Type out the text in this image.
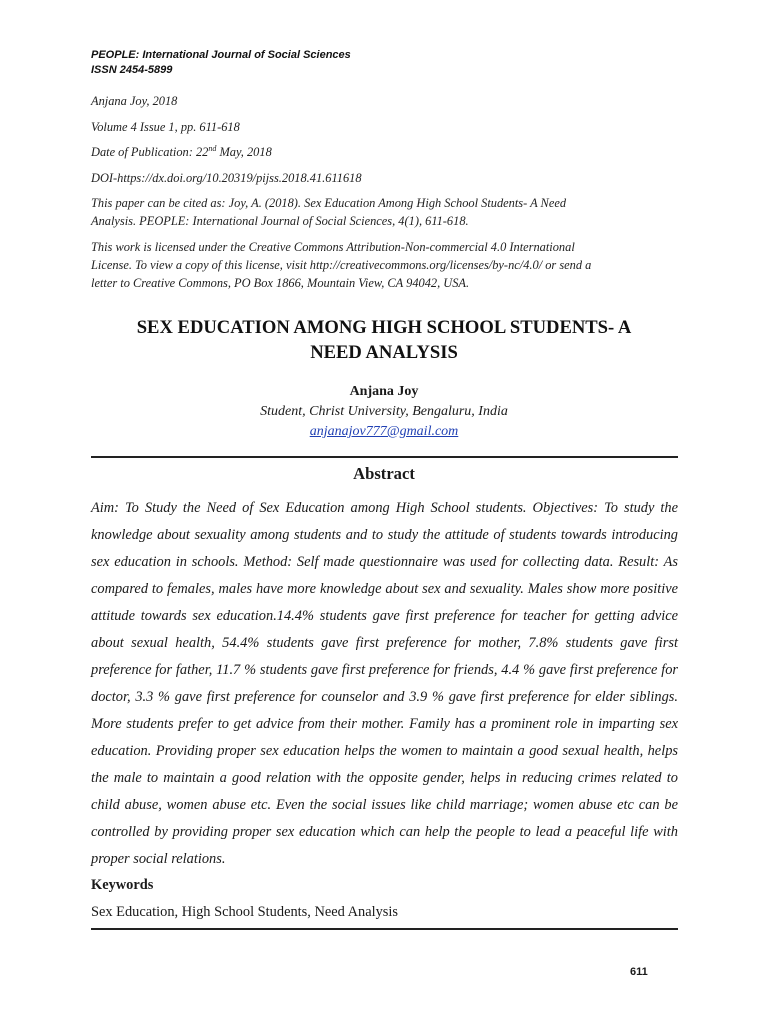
PEOPLE: International Journal of Social Sciences
ISSN 2454-5899
Anjana Joy, 2018
Volume 4 Issue 1, pp. 611-618
Date of Publication: 22nd May, 2018
DOI-https://dx.doi.org/10.20319/pijss.2018.41.611618
This paper can be cited as: Joy, A. (2018). Sex Education Among High School Students- A Need
Analysis. PEOPLE: International Journal of Social Sciences, 4(1), 611-618.
This work is licensed under the Creative Commons Attribution-Non-commercial 4.0 International
License. To view a copy of this license, visit http://creativecommons.org/licenses/by-nc/4.0/ or send a
letter to Creative Commons, PO Box 1866, Mountain View, CA 94042, USA.
SEX EDUCATION AMONG HIGH SCHOOL STUDENTS- A
NEED ANALYSIS
Anjana Joy
Student, Christ University, Bengaluru, India
anjanajov777@gmail.com
Abstract

Aim: To Study the Need of Sex Education among High School students. Objectives: To study the knowledge about sexuality among students and to study the attitude of students towards introducing sex education in schools. Method: Self made questionnaire was used for collecting data. Result: As compared to females, males have more knowledge about sex and sexuality. Males show more positive attitude towards sex education.14.4% students gave first preference for teacher for getting advice about sexual health, 54.4% students gave first preference for mother, 7.8% students gave first preference for father, 11.7 % students gave first preference for friends, 4.4 % gave first preference for doctor, 3.3 % gave first preference for counselor and 3.9 % gave first preference for elder siblings. More students prefer to get advice from their mother. Family has a prominent role in imparting sex education. Providing proper sex education helps the women to maintain a good sexual health, helps the male to maintain a good relation with the opposite gender, helps in reducing crimes related to child abuse, women abuse etc. Even the social issues like child marriage; women abuse etc can be controlled by providing proper sex education which can help the people to lead a peaceful life with proper social relations.

Keywords

Sex Education, High School Students, Need Analysis

611
